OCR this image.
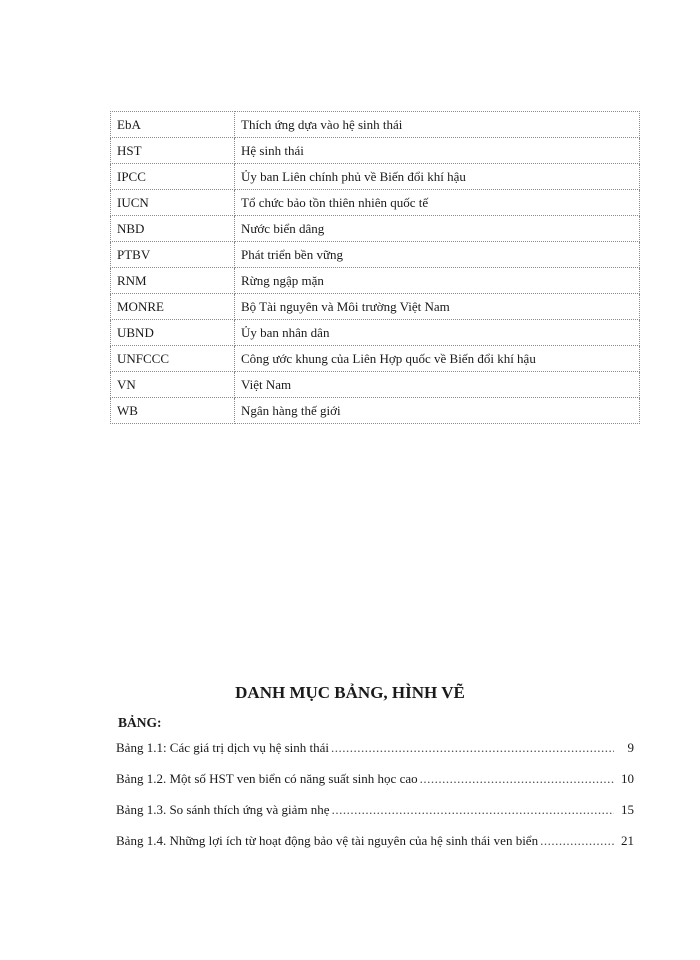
EbA	Thích ứng dựa vào hệ sinh thái
HST	Hệ sinh thái
IPCC	Ủy ban Liên chính phủ về Biến đổi khí hậu
IUCN	Tổ chức bảo tồn thiên nhiên quốc tế
NBD	Nước biển dâng
PTBV	Phát triển bền vững
RNM	Rừng ngập mặn
MONRE	Bộ Tài nguyên và Môi trường Việt Nam
UBND	Ủy ban nhân dân
UNFCCC	Công ước khung của Liên Hợp quốc về Biến đổi khí hậu
VN	Việt Nam
WB	Ngân hàng thế giới
DANH MỤC BẢNG, HÌNH VẼ
BẢNG:
Bảng 1.1: Các giá trị dịch vụ hệ sinh thái .....	9
Bảng 1.2. Một số HST ven biển có năng suất sinh học cao .....	10
Bảng 1.3. So sánh thích ứng và giảm nhẹ .....	15
Bảng 1.4. Những lợi ích từ hoạt động bảo vệ tài nguyên của hệ sinh thái ven biển .....	21
